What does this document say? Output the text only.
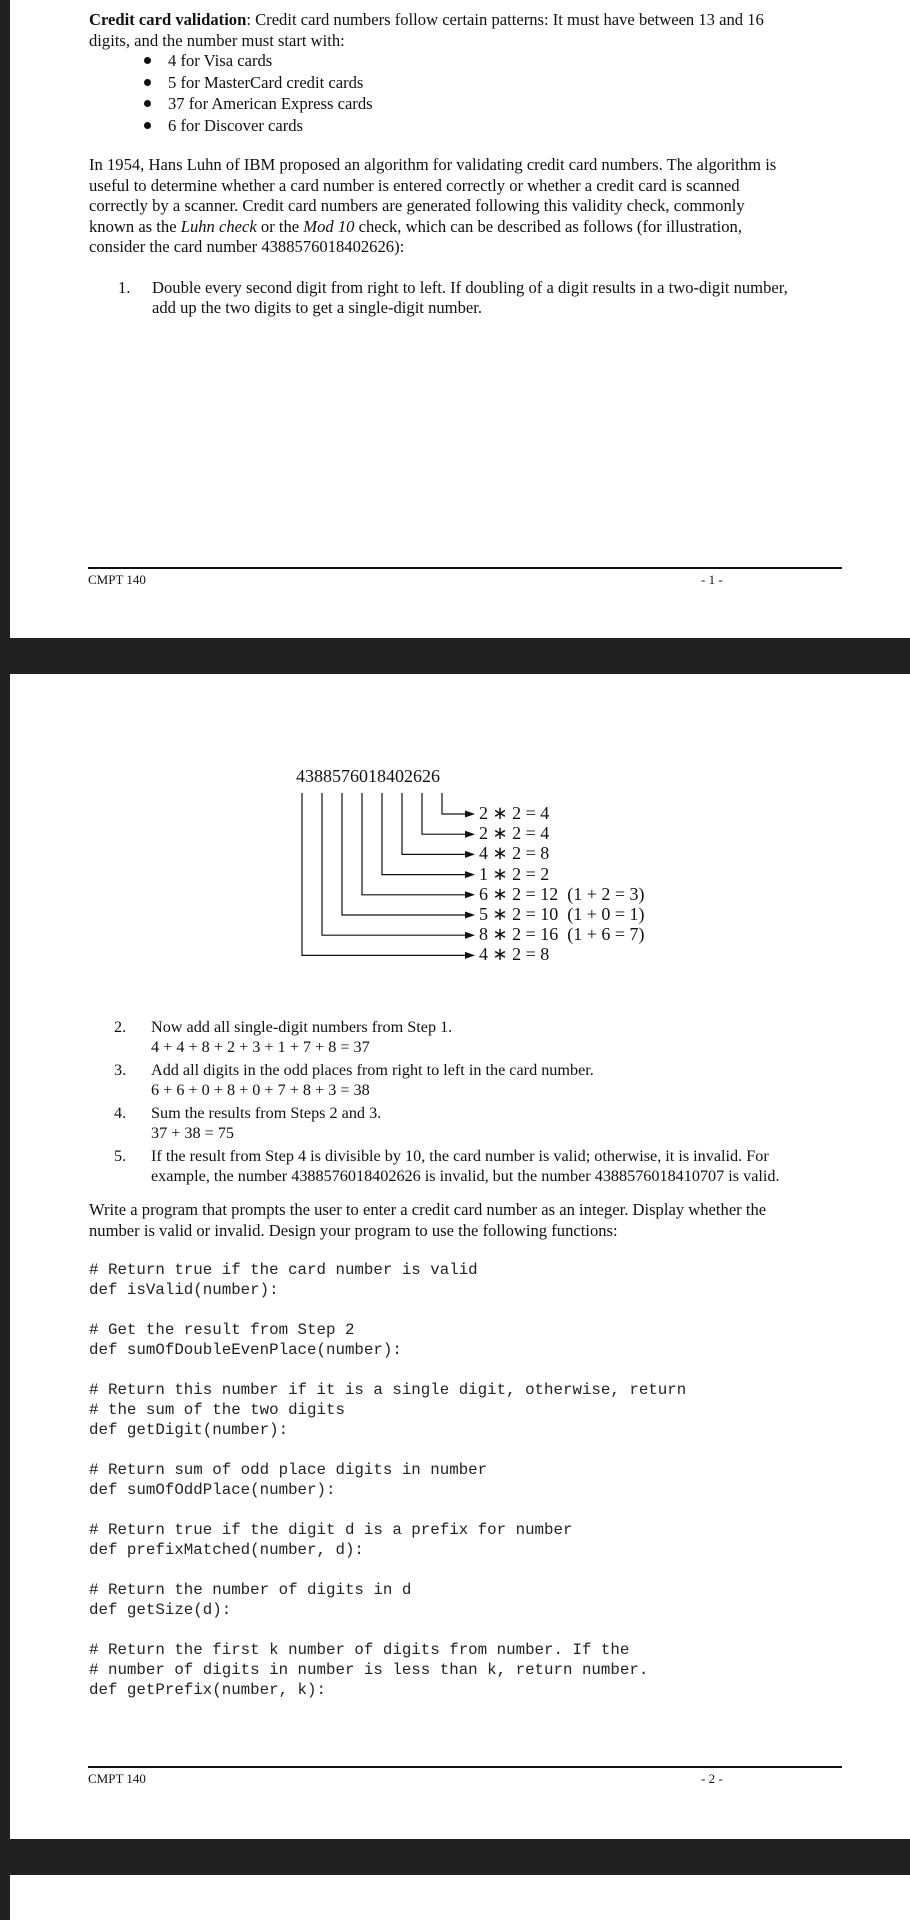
Credit card validation: Credit card numbers follow certain patterns: It must have between 13 and 16
digits, and the number must start with:
4 for Visa cards
5 for MasterCard credit cards
37 for American Express cards
6 for Discover cards
In 1954, Hans Luhn of IBM proposed an algorithm for validating credit card numbers. The algorithm is
useful to determine whether a card number is entered correctly or whether a credit card is scanned
correctly by a scanner. Credit card numbers are generated following this validity check, commonly
known as the Luhn check or the Mod 10 check, which can be described as follows (for illustration,
consider the card number 4388576018402626):
1. Double every second digit from right to left. If doubling of a digit results in a two-digit number,
add up the two digits to get a single-digit number.
CMPT 140	- 1 -
4388576018402626
2 ∗ 2 = 4
2 ∗ 2 = 4
4 ∗ 2 = 8
1 ∗ 2 = 2
6 ∗ 2 = 12  (1 + 2 = 3)
5 ∗ 2 = 10  (1 + 0 = 1)
8 ∗ 2 = 16  (1 + 6 = 7)
4 ∗ 2 = 8
2. Now add all single-digit numbers from Step 1.
4 + 4 + 8 + 2 + 3 + 1 + 7 + 8 = 37
3. Add all digits in the odd places from right to left in the card number.
6 + 6 + 0 + 8 + 0 + 7 + 8 + 3 = 38
4. Sum the results from Steps 2 and 3.
37 + 38 = 75
5. If the result from Step 4 is divisible by 10, the card number is valid; otherwise, it is invalid. For
example, the number 4388576018402626 is invalid, but the number 4388576018410707 is valid.
Write a program that prompts the user to enter a credit card number as an integer. Display whether the
number is valid or invalid. Design your program to use the following functions:
# Return true if the card number is valid
def isValid(number):
# Get the result from Step 2
def sumOfDoubleEvenPlace(number):
# Return this number if it is a single digit, otherwise, return
# the sum of the two digits
def getDigit(number):
# Return sum of odd place digits in number
def sumOfOddPlace(number):
# Return true if the digit d is a prefix for number
def prefixMatched(number, d):
# Return the number of digits in d
def getSize(d):
# Return the first k number of digits from number. If the
# number of digits in number is less than k, return number.
def getPrefix(number, k):
CMPT 140	- 2 -
